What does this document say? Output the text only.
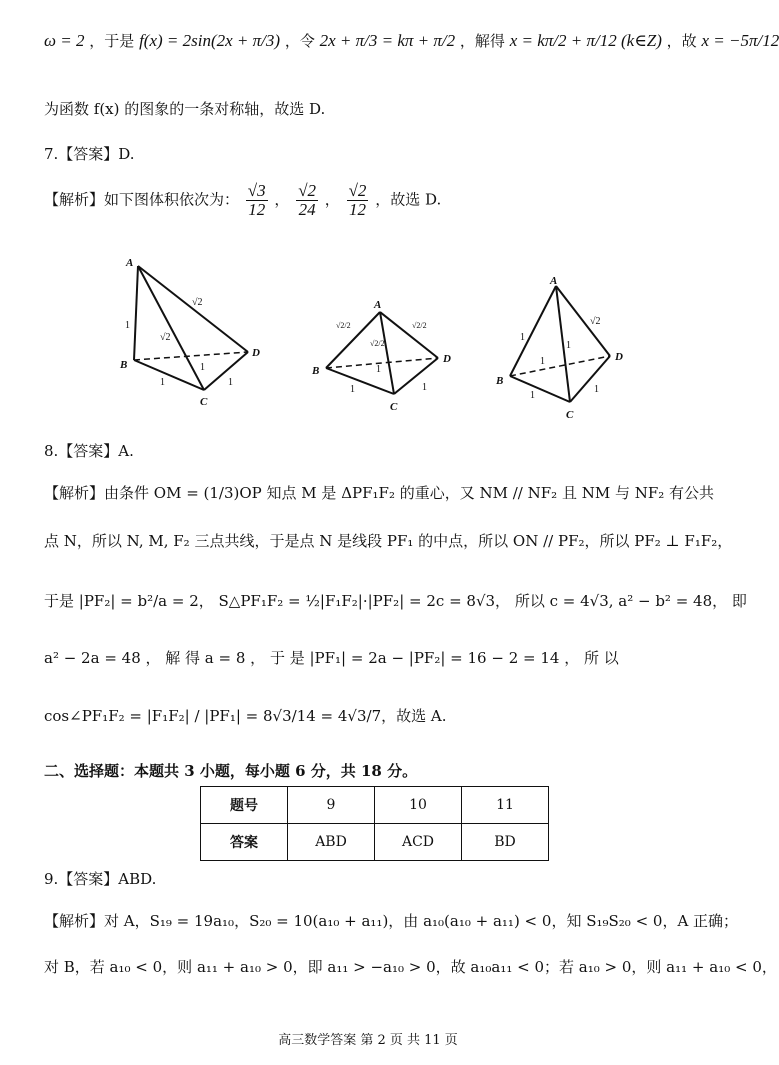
ω = 2 ，于是 f(x) = 2sin(2x + π/3) ，令 2x + π/3 = kπ + π/2 ，解得 x = kπ/2 + π/12 (k∈Z) ，故 x = −5π/12
为函数 f(x) 的图象的一条对称轴，故选 D.
7.【答案】D.
【解析】如下图体积依次为： $\frac{√3}{12}$ ， $\frac{√2}{24}$ ， $\frac{√2}{12}$ ，故选 D.
A
B
C
D
1
√2
√2
1
1	1
A
B
C
D
√2/2	√2/2
√2/2
1
1	1
A
B
C
D
1
√2
1
1
1
1
8.【答案】A.
【解析】由条件 OM = (1/3)OP 知点 M 是 ΔPF₁F₂ 的重心，又 NM // NF₂ 且 NM 与 NF₂ 有公共
点 N，所以 N, M, F₂ 三点共线，于是点 N 是线段 PF₁ 的中点，所以 ON // PF₂，所以 PF₂ ⊥ F₁F₂，
于是 |PF₂| = b²/a = 2， S△PF₁F₂ = ½|F₁F₂|·|PF₂| = 2c = 8√3， 所以 c = 4√3, a² − b² = 48， 即
a² − 2a = 48 ， 解 得 a = 8 ， 于 是 |PF₁| = 2a − |PF₂| = 16 − 2 = 14 ， 所 以
cos∠PF₁F₂ = |F₁F₂| / |PF₁| = 8√3/14 = 4√3/7，故选 A.
二、选择题：本题共 3 小题，每小题 6 分，共 18 分。
题号	9	10	11
答案	ABD	ACD	BD
9.【答案】ABD.
【解析】对 A，S₁₉ = 19a₁₀，S₂₀ = 10(a₁₀ + a₁₁)，由 a₁₀(a₁₀ + a₁₁) < 0，知 S₁₉S₂₀ < 0，A 正确；
对 B，若 a₁₀ < 0，则 a₁₁ + a₁₀ > 0，即 a₁₁ > −a₁₀ > 0，故 a₁₀a₁₁ < 0；若 a₁₀ > 0，则 a₁₁ + a₁₀ < 0，
高三数学答案 第 2 页 共 11 页
